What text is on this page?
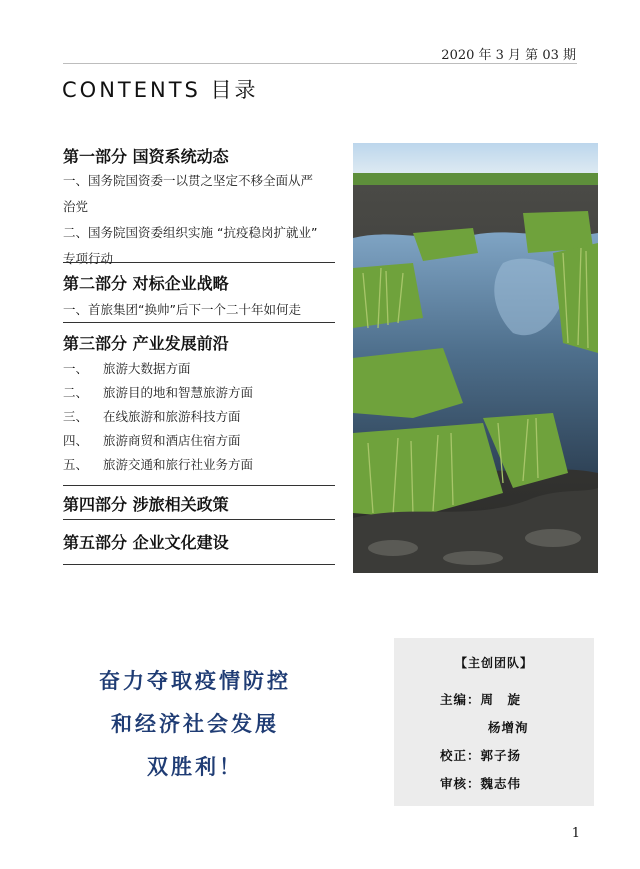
2020 年 3 月 第 03 期
CONTENTS 目录
第一部分 国资系统动态
一、国务院国资委一以贯之坚定不移全面从严
治党
二、国务院国资委组织实施 “抗疫稳岗扩就业”
专项行动
第二部分 对标企业战略
一、首旅集团“换帅”后下一个二十年如何走
第三部分 产业发展前沿
一、	旅游大数据方面
二、	旅游目的地和智慧旅游方面
三、	在线旅游和旅游科技方面
四、	旅游商贸和酒店住宿方面
五、	旅游交通和旅行社业务方面
第四部分 涉旅相关政策
第五部分 企业文化建设
奋力夺取疫情防控
和经济社会发展
双胜利！
【主创团队】
主编：周　旋
杨增洵
校正：郭子扬
审核：魏志伟
1
